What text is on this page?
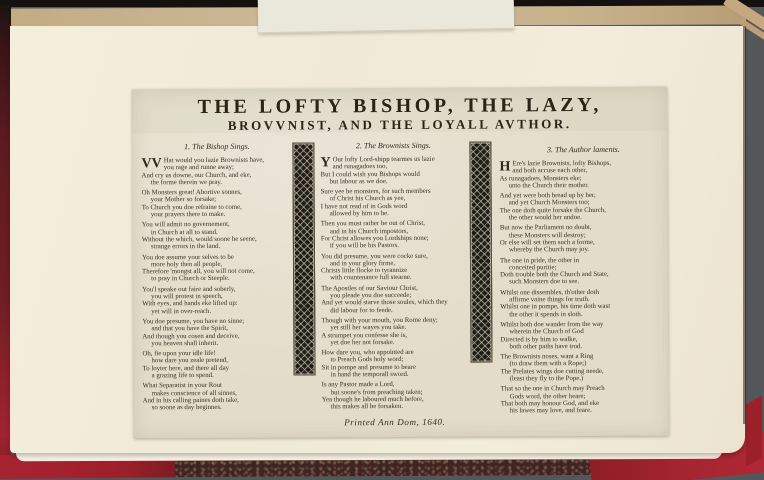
THE LOFTY BISHOP, THE LAZY,
BROVVNIST, AND THE LOYALL AVTHOR.
1. The Bishop Sings.
VV Hat would you lazie Brownists have,
you rage and runne away;
And cry us downe, our Church, and eke,
the forme therein we pray.
Oh Monsters great! Abortive sonnes,
your Mother so forsake;
To Church you doe refraine to come,
your prayers there to make.
You will admit no governement,
in Church at all to stand.
Without the which, would soone be seene,
strange errors in the land.
You doe assume your selves to be
more holy then all people,
Therefore 'mongst all, you will not come,
to pray in Church or Steeple.
You'l speake out faire and soberly,
you will protest in speech,
With eyes, and hands eke lifted up:
yet will in over-reach.
You doe presume, you have no sinne;
and that you have the Spirit,
And though you cosen and deceive,
you heaven shall inherit.
Oh, fie upon your idle life!
how dare you zeale pretend,
To loyter here, and there all day
a grazing life to spend.
What Separatist in your Rout
makes conscience of all sinnes,
And in his calling paines doth take,
so soone as day beginnes.
2. The Brownists Sings.
Y Our lofty Lord-shipp tearmes us lazie
and runagadoes too,
But I could wish you Bishops would
but labour as we doe.
Sure yee be monsters, for such members
of Christ his Church as yee,
I have not read of in Gods word
allowed by him to be.
Then you must rather be out of Christ,
and in his Church impostors,
For Christ allowes you Lordships none;
if you will be his Pastors.
You did presume, you were cocke sure,
and in your glory firme,
Christs little flocke to tyrannize
with countenance full stearne.
The Apostles of our Saviour Christ,
you pleade you doe succeede;
And yet would starve those soules, which they
did labour for to feede.
Though with your mouth, you Rome deny;
yet still her wayes you take.
A strumpet you confesse she is,
yet doe her not forsake.
How dare you, who appointed are
to Preach Gods holy word;
Sit in pompe and presume to beare
in hand the temporall sword.
Is any Pastor made a Lord,
but soone's from preaching taken;
Yea though he laboured much before,
this makes all be forsaken.
Printed Ann Dom, 1640.
3. The Author laments.
H Ere's lazie Brownists, lofty Bishops,
and both accuse each other,
As runagadoes, Monsters eke;
unto the Church their mother.
And yet were both bread up by her,
and yet Church Monsters too;
The one doth quite forsake the Church,
the other would her undoe.
But now the Parliament no doubt,
these Monsters will destroy;
Or else will set them such a forme,
whereby the Church may joy.
The one in pride, the other in
conceited puritie;
Doth trouble both the Church and State,
such Monsters doe to see.
Whilst one dissembles, th'other doth
affirme vaine things for truth.
Whilst one in pompe, his time doth wast
the other it spends in sloth.
Whilst both doe wander from the way
wherein the Church of God
Directed is by him to walke,
both other paths have trod.
The Brownists noses, want a Ring
(to draw them with a Rope;)
The Prelates wings doe cutting neede,
(least they fly to the Pope.)
That so the one in Church may Preach
Gods word, the other heare;
That both may honour God, and eke
his lawes may love, and feare.
